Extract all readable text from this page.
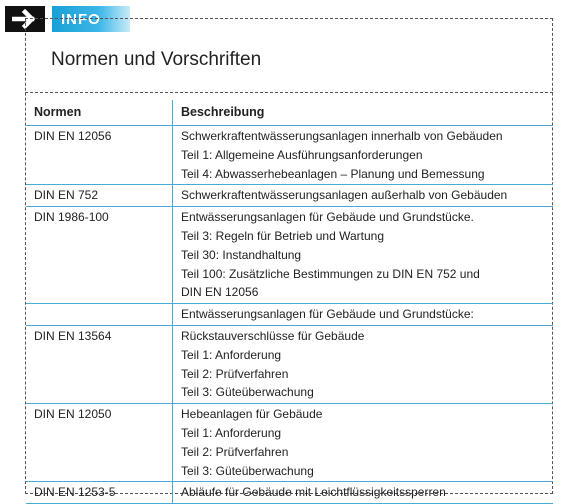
INFO
Normen und Vorschriften
Normen	Beschreibung
DIN EN 12056	Schwerkraftentwässerungsanlagen innerhalb von Gebäuden
Teil 1: Allgemeine Ausführungsanforderungen
Teil 4: Abwasserhebeanlagen – Planung und Bemessung

DIN EN 752	Schwerkraftentwässerungsanlagen außerhalb von Gebäuden

DIN 1986-100	Entwässerungsanlagen für Gebäude und Grundstücke.
Teil 3: Regeln für Betrieb und Wartung
Teil 30: Instandhaltung
Teil 100: Zusätzliche Bestimmungen zu DIN EN 752 und
DIN EN 12056

	Entwässerungsanlagen für Gebäude und Grundstücke:

DIN EN 13564	Rückstauverschlüsse für Gebäude
Teil 1: Anforderung
Teil 2: Prüfverfahren
Teil 3: Güteüberwachung

DIN EN 12050	Hebeanlagen für Gebäude
Teil 1: Anforderung
Teil 2: Prüfverfahren
Teil 3: Güteüberwachung

DIN EN 1253-5	Abläufe für Gebäude mit Leichtflüssigkeitssperren
